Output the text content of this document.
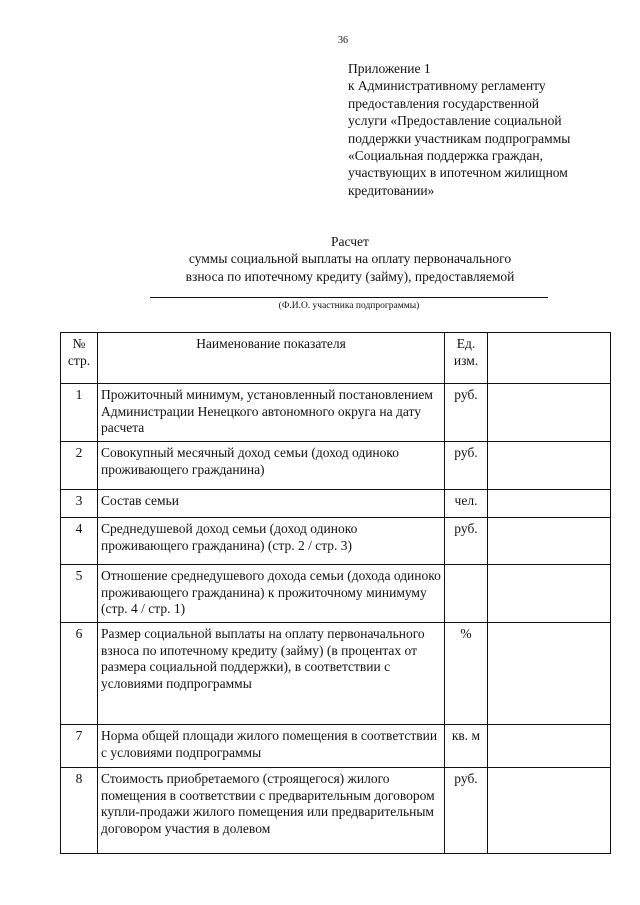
36
Приложение 1
к Административному регламенту
предоставления государственной
услуги «Предоставление социальной
поддержки участникам подпрограммы
«Социальная поддержка граждан,
участвующих в ипотечном жилищном
кредитовании»
Расчет
суммы социальной выплаты на оплату первоначального
взноса по ипотечному кредиту (займу), предоставляемой
(Ф.И.О. участника подпрограммы)
№ стр.	Наименование показателя	Ед. изм.	
1	Прожиточный минимум, установленный постановлением Администрации Ненецкого автономного округа на дату расчета	руб.	
2	Совокупный месячный доход семьи (доход одиноко проживающего гражданина)	руб.	
3	Состав семьи	чел.	
4	Среднедушевой доход семьи (доход одиноко проживающего гражданина) (стр. 2 / стр. 3)	руб.	
5	Отношение среднедушевого дохода семьи (дохода одиноко проживающего гражданина) к прожиточному минимуму (стр. 4 / стр. 1)		
6	Размер социальной выплаты на оплату первоначального взноса по ипотечному кредиту (займу) (в процентах от размера социальной поддержки), в соответствии с условиями подпрограммы	%	
7	Норма общей площади жилого помещения в соответствии с условиями подпрограммы	кв. м	
8	Стоимость приобретаемого (строящегося) жилого помещения в соответствии с предварительным договором купли-продажи жилого помещения или предварительным договором участия в долевом	руб.	
